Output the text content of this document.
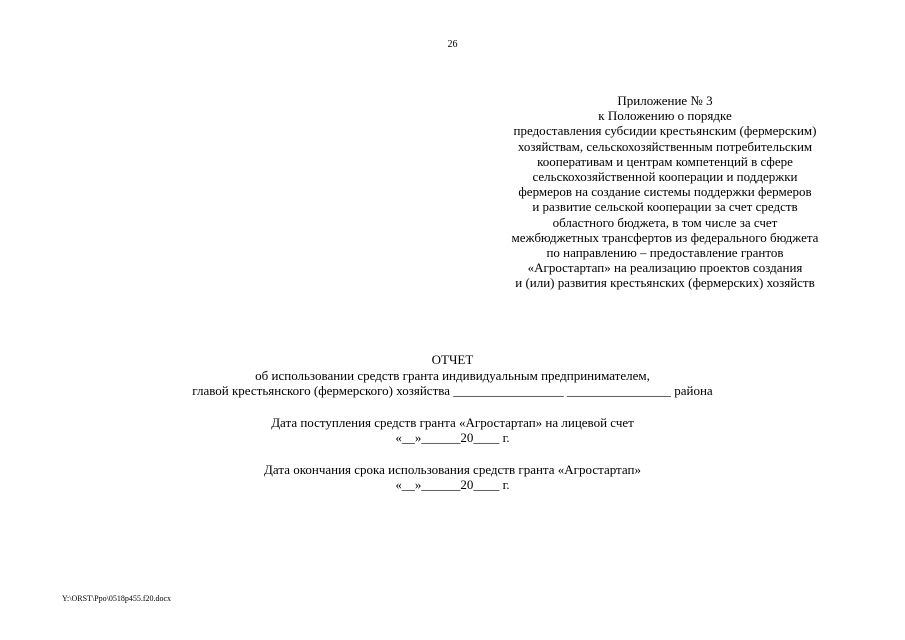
26
Приложение № 3
к Положению о порядке
предоставления субсидии крестьянским (фермерским)
хозяйствам, сельскохозяйственным потребительским
кооперативам и центрам компетенций в сфере
сельскохозяйственной кооперации и поддержки
фермеров на создание системы поддержки фермеров
и развитие сельской кооперации за счет средств
областного бюджета, в том числе за счет
межбюджетных трансфертов из федерального бюджета
по направлению – предоставление грантов
«Агростартап» на реализацию проектов создания
и (или) развития крестьянских (фермерских) хозяйств
ОТЧЕТ
об использовании средств гранта индивидуальным предпринимателем,
главой крестьянского (фермерского) хозяйства _________________ ________________ района
Дата поступления средств гранта «Агростартап» на лицевой счет
«__»______20____ г.
Дата окончания срока использования средств гранта «Агростартап»
«__»______20____ г.
Y:\ORST\Ppo\0518p455.f20.docx
